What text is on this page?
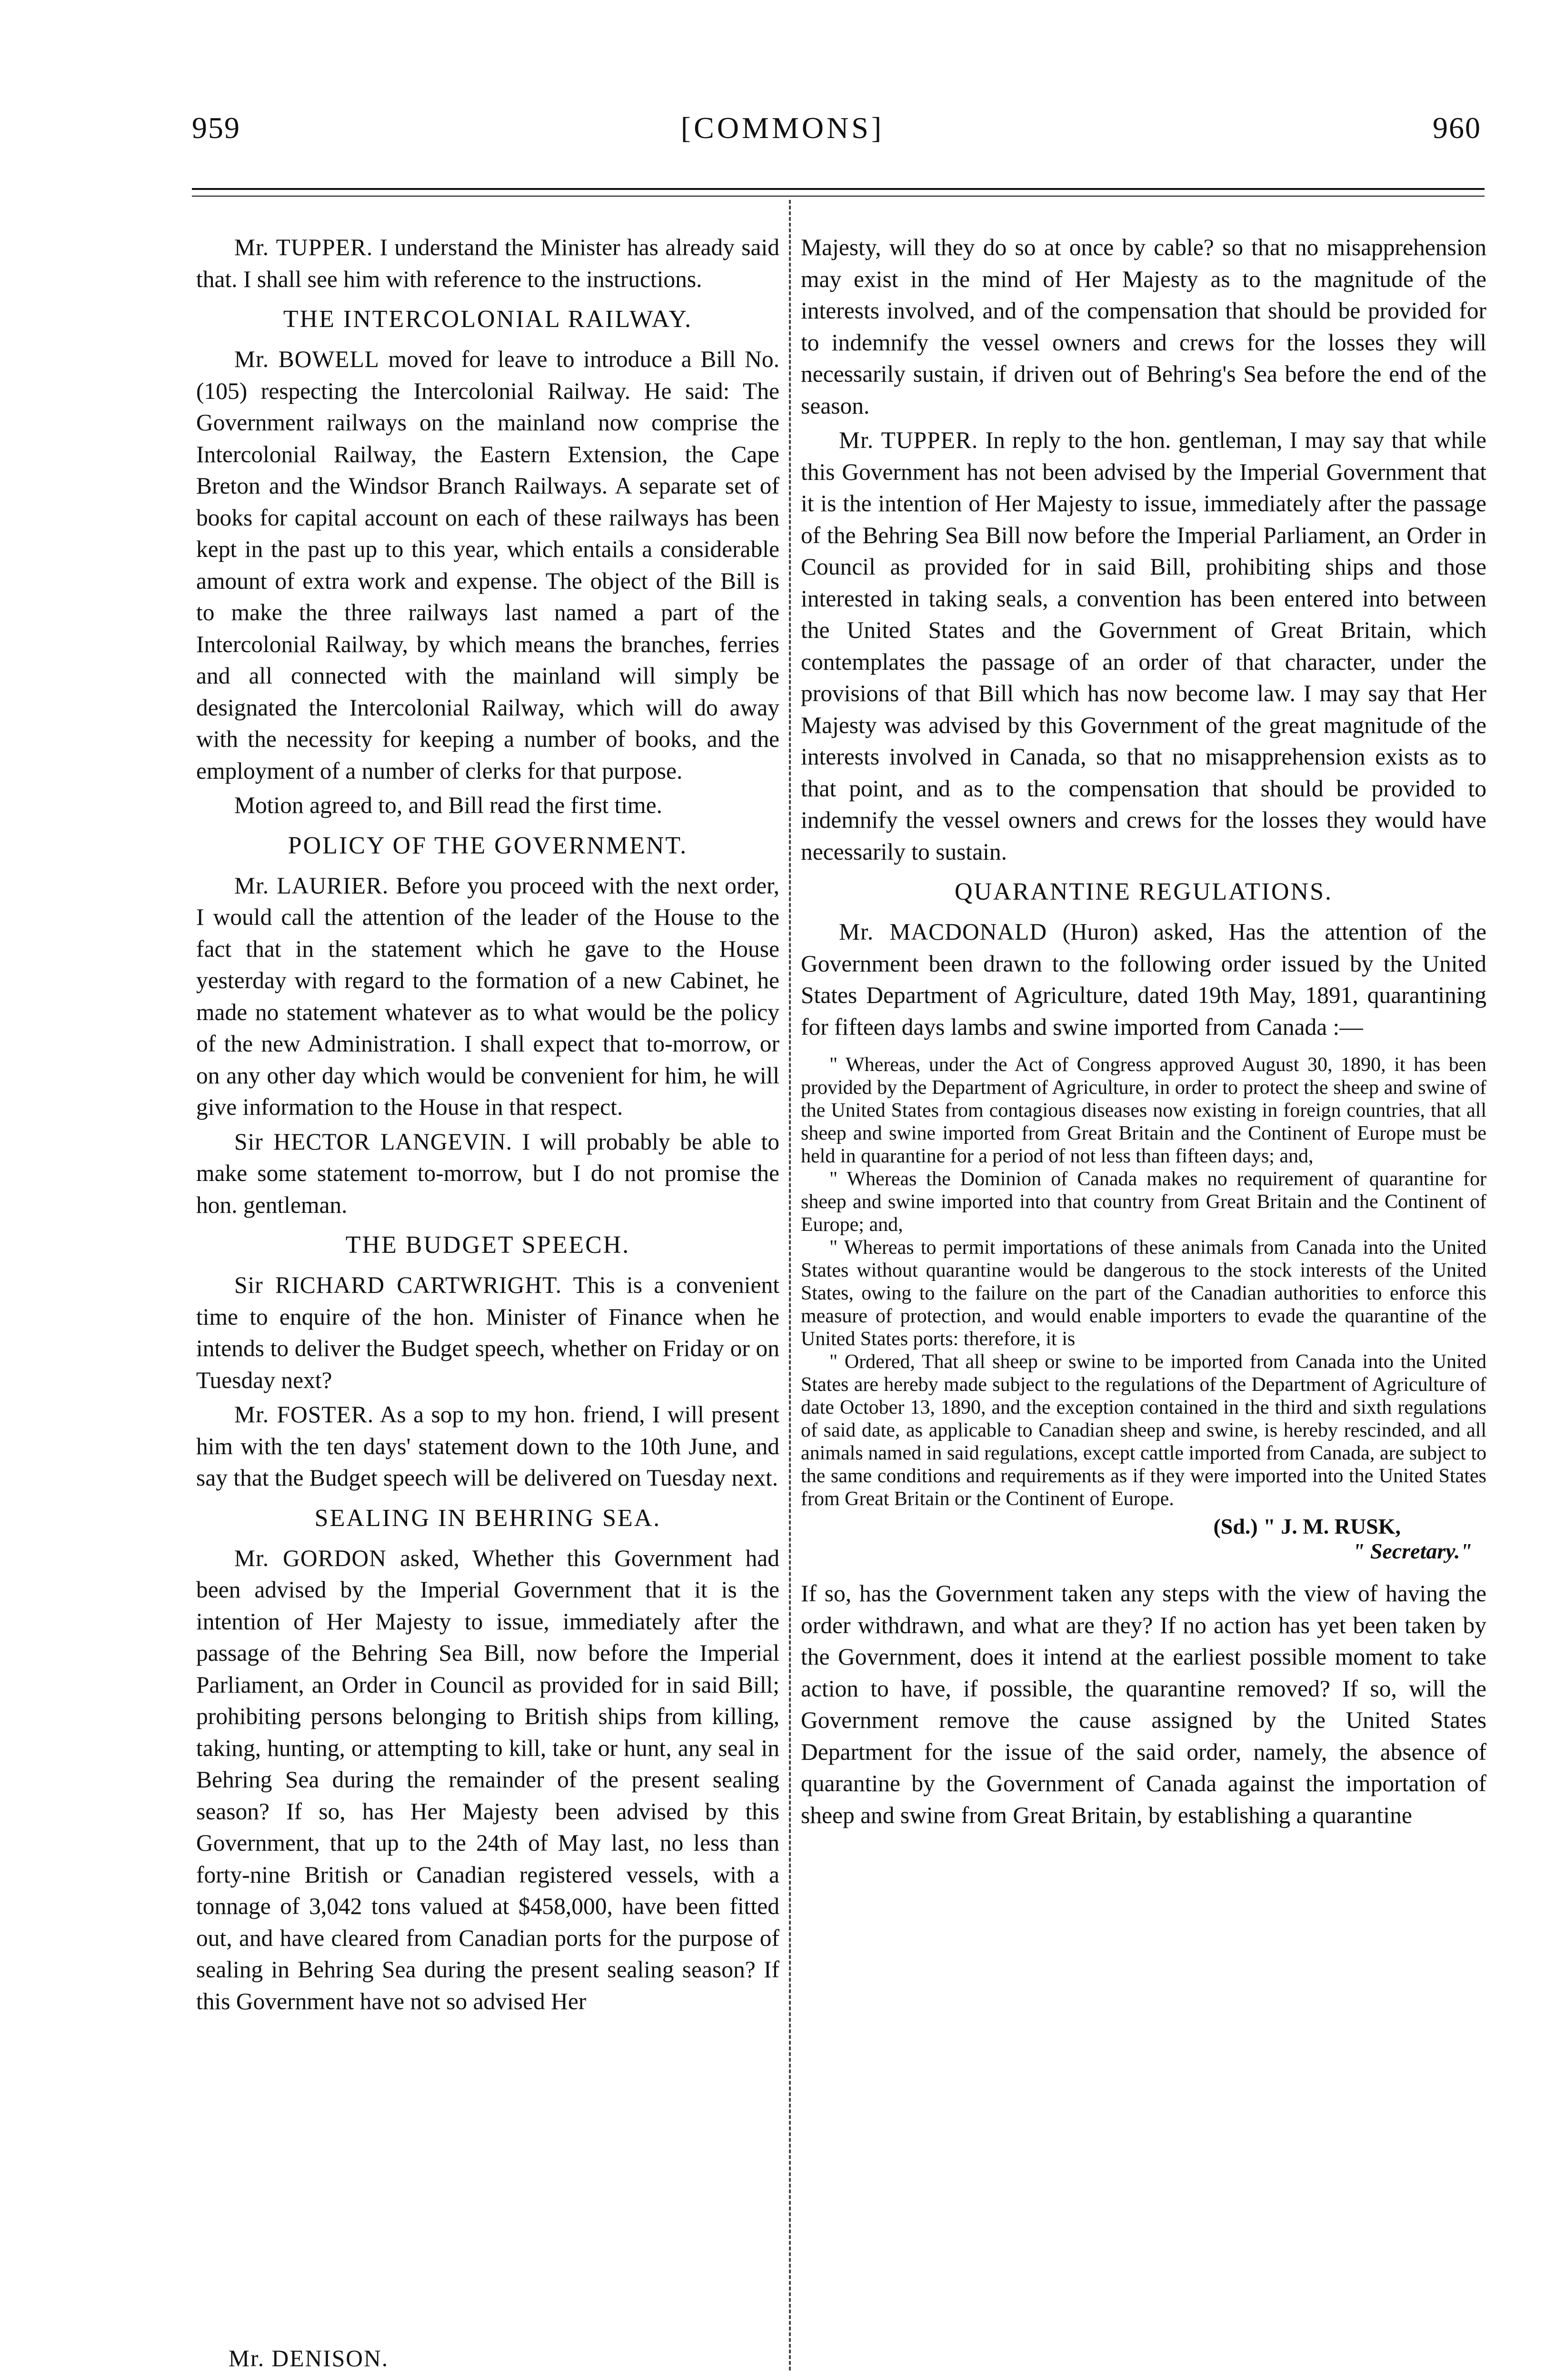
959	[COMMONS]	960

Mr. TUPPER. I understand the Minister has already said that. I shall see him with reference to the instructions.

THE INTERCOLONIAL RAILWAY.

Mr. BOWELL moved for leave to introduce a Bill No. (105) respecting the Intercolonial Railway. He said: The Government railways on the mainland now comprise the Intercolonial Railway, the Eastern Extension, the Cape Breton and the Windsor Branch Railways. A separate set of books for capital account on each of these railways has been kept in the past up to this year, which entails a considerable amount of extra work and expense. The object of the Bill is to make the three railways last named a part of the Intercolonial Railway, by which means the branches, ferries and all connected with the mainland will simply be designated the Intercolonial Railway, which will do away with the necessity for keeping a number of books, and the employment of a number of clerks for that purpose.

Motion agreed to, and Bill read the first time.

POLICY OF THE GOVERNMENT.

Mr. LAURIER. Before you proceed with the next order, I would call the attention of the leader of the House to the fact that in the statement which he gave to the House yesterday with regard to the formation of a new Cabinet, he made no statement whatever as to what would be the policy of the new Administration. I shall expect that to-morrow, or on any other day which would be convenient for him, he will give information to the House in that respect.

Sir HECTOR LANGEVIN. I will probably be able to make some statement to-morrow, but I do not promise the hon. gentleman.

THE BUDGET SPEECH.

Sir RICHARD CARTWRIGHT. This is a convenient time to enquire of the hon. Minister of Finance when he intends to deliver the Budget speech, whether on Friday or on Tuesday next?

Mr. FOSTER. As a sop to my hon. friend, I will present him with the ten days' statement down to the 10th June, and say that the Budget speech will be delivered on Tuesday next.

SEALING IN BEHRING SEA.

Mr. GORDON asked, Whether this Government had been advised by the Imperial Government that it is the intention of Her Majesty to issue, immediately after the passage of the Behring Sea Bill, now before the Imperial Parliament, an Order in Council as provided for in said Bill; prohibiting persons belonging to British ships from killing, taking, hunting, or attempting to kill, take or hunt, any seal in Behring Sea during the remainder of the present sealing season? If so, has Her Majesty been advised by this Government, that up to the 24th of May last, no less than forty-nine British or Canadian registered vessels, with a tonnage of 3,042 tons valued at $458,000, have been fitted out, and have cleared from Canadian ports for the purpose of sealing in Behring Sea during the present sealing season? If this Government have not so advised Her

Mr. DENISON.

Majesty, will they do so at once by cable? so that no misapprehension may exist in the mind of Her Majesty as to the magnitude of the interests involved, and of the compensation that should be provided for to indemnify the vessel owners and crews for the losses they will necessarily sustain, if driven out of Behring's Sea before the end of the season.

Mr. TUPPER. In reply to the hon. gentleman, I may say that while this Government has not been advised by the Imperial Government that it is the intention of Her Majesty to issue, immediately after the passage of the Behring Sea Bill now before the Imperial Parliament, an Order in Council as provided for in said Bill, prohibiting ships and those interested in taking seals, a convention has been entered into between the United States and the Government of Great Britain, which contemplates the passage of an order of that character, under the provisions of that Bill which has now become law. I may say that Her Majesty was advised by this Government of the great magnitude of the interests involved in Canada, so that no misapprehension exists as to that point, and as to the compensation that should be provided to indemnify the vessel owners and crews for the losses they would have necessarily to sustain.

QUARANTINE REGULATIONS.

Mr. MACDONALD (Huron) asked, Has the attention of the Government been drawn to the following order issued by the United States Department of Agriculture, dated 19th May, 1891, quarantining for fifteen days lambs and swine imported from Canada :—

" Whereas, under the Act of Congress approved August 30, 1890, it has been provided by the Department of Agriculture, in order to protect the sheep and swine of the United States from contagious diseases now existing in foreign countries, that all sheep and swine imported from Great Britain and the Continent of Europe must be held in quarantine for a period of not less than fifteen days; and,

" Whereas the Dominion of Canada makes no requirement of quarantine for sheep and swine imported into that country from Great Britain and the Continent of Europe; and,

" Whereas to permit importations of these animals from Canada into the United States without quarantine would be dangerous to the stock interests of the United States, owing to the failure on the part of the Canadian authorities to enforce this measure of protection, and would enable importers to evade the quarantine of the United States ports: therefore, it is

" Ordered, That all sheep or swine to be imported from Canada into the United States are hereby made subject to the regulations of the Department of Agriculture of date October 13, 1890, and the exception contained in the third and sixth regulations of said date, as applicable to Canadian sheep and swine, is hereby rescinded, and all animals named in said regulations, except cattle imported from Canada, are subject to the same conditions and requirements as if they were imported into the United States from Great Britain or the Continent of Europe.

(Sd.) " J. M. RUSK,
" Secretary."

If so, has the Government taken any steps with the view of having the order withdrawn, and what are they? If no action has yet been taken by the Government, does it intend at the earliest possible moment to take action to have, if possible, the quarantine removed? If so, will the Government remove the cause assigned by the United States Department for the issue of the said order, namely, the absence of quarantine by the Government of Canada against the importation of sheep and swine from Great Britain, by establishing a quarantine
